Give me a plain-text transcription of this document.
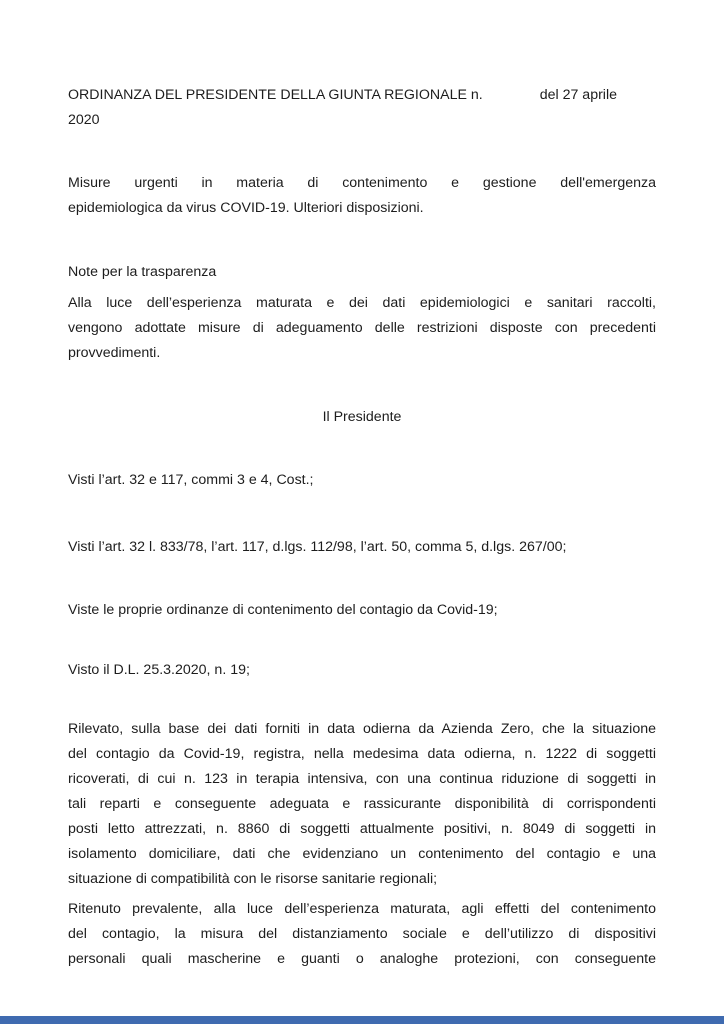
ORDINANZA DEL PRESIDENTE DELLA GIUNTA REGIONALE n.	del 27 aprile
2020
Misure urgenti in materia di contenimento e gestione dell'emergenza
epidemiologica da virus COVID-19. Ulteriori disposizioni.
Note per la trasparenza
Alla luce dell’esperienza maturata e dei dati epidemiologici e sanitari raccolti,
vengono adottate misure di adeguamento delle restrizioni disposte con precedenti
provvedimenti.
Il Presidente
Visti l’art. 32 e 117, commi 3 e 4, Cost.;
Visti l’art. 32 l. 833/78, l’art. 117, d.lgs. 112/98, l’art. 50, comma 5, d.lgs. 267/00;
Viste le proprie ordinanze di contenimento del contagio da Covid-19;
Visto il D.L. 25.3.2020, n. 19;
Rilevato, sulla base dei dati forniti in data odierna da Azienda Zero, che la situazione
del contagio da Covid-19, registra, nella medesima data odierna, n. 1222 di soggetti
ricoverati, di cui n. 123 in terapia intensiva, con una continua riduzione di soggetti in
tali reparti e conseguente adeguata e rassicurante disponibilità di corrispondenti
posti letto attrezzati, n. 8860 di soggetti attualmente positivi, n. 8049 di soggetti in
isolamento domiciliare, dati che evidenziano un contenimento del contagio e una
situazione di compatibilità con le risorse sanitarie regionali;
Ritenuto prevalente, alla luce dell’esperienza maturata, agli effetti del contenimento
del contagio, la misura del distanziamento sociale e dell’utilizzo di dispositivi
personali quali mascherine e guanti o analoghe protezioni, con conseguente
